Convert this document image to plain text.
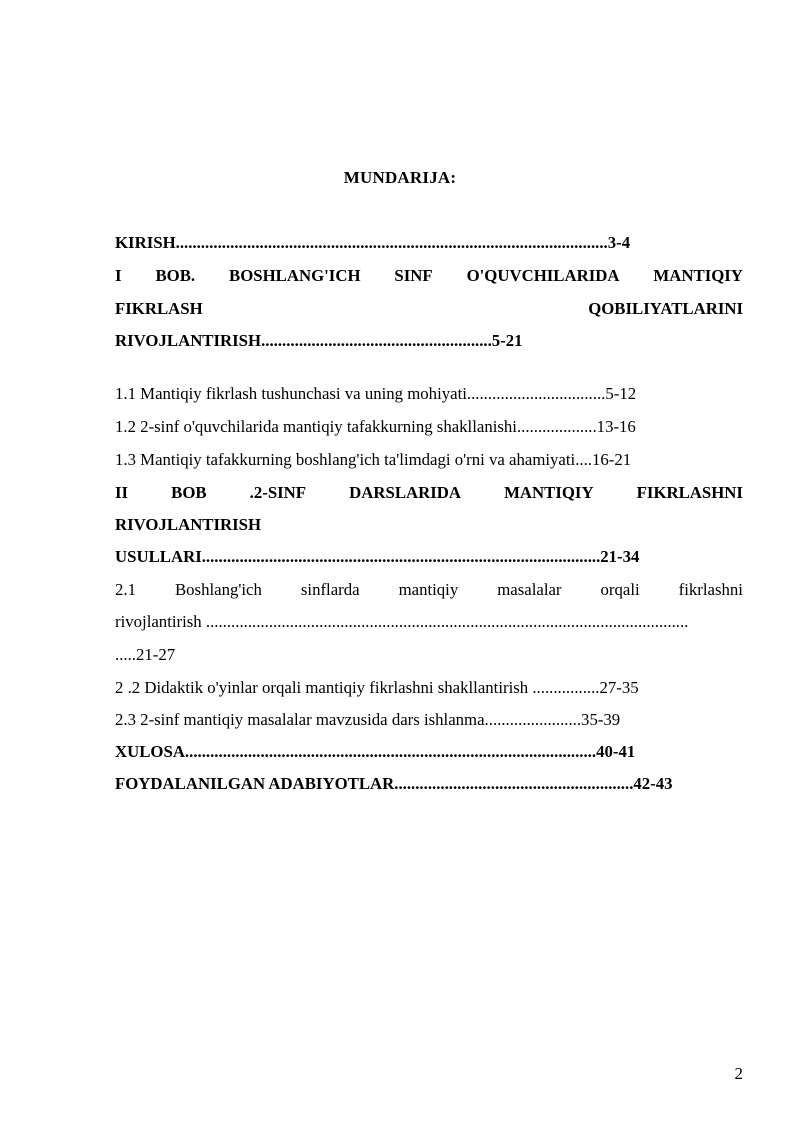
MUNDARIJA:
KIRISH.......................................................................................................3-4
I BOB. BOSHLANG'ICH SINF O'QUVCHILARIDA MANTIQIY
FIKRLASH	QOBILIYATLARINI
RIVOJLANTIRISH.......................................................5-21
1.1 Mantiqiy fikrlash tushunchasi va uning mohiyati.................................5-12
1.2 2-sinf o'quvchilarida mantiqiy tafakkurning shakllanishi...................13-16
1.3 Mantiqiy tafakkurning boshlang'ich ta'limdagi o'rni va ahamiyati....16-21
II	BOB	.2-SINF	DARSLARIDA	MANTIQIY	FIKRLASHNI
RIVOJLANTIRISH
USULLARI...............................................................................................21-34
2.1 Boshlang'ich sinflarda mantiqiy masalalar orqali fikrlashni
rivojlantirish ...................................................................................................................
.....21-27
2 .2 Didaktik o'yinlar orqali mantiqiy fikrlashni shakllantirish ................27-35
2.3 2-sinf mantiqiy masalalar mavzusida dars ishlanma.......................35-39
XULOSA..................................................................................................40-41
FOYDALANILGAN ADABIYOTLAR.........................................................42-43
2
